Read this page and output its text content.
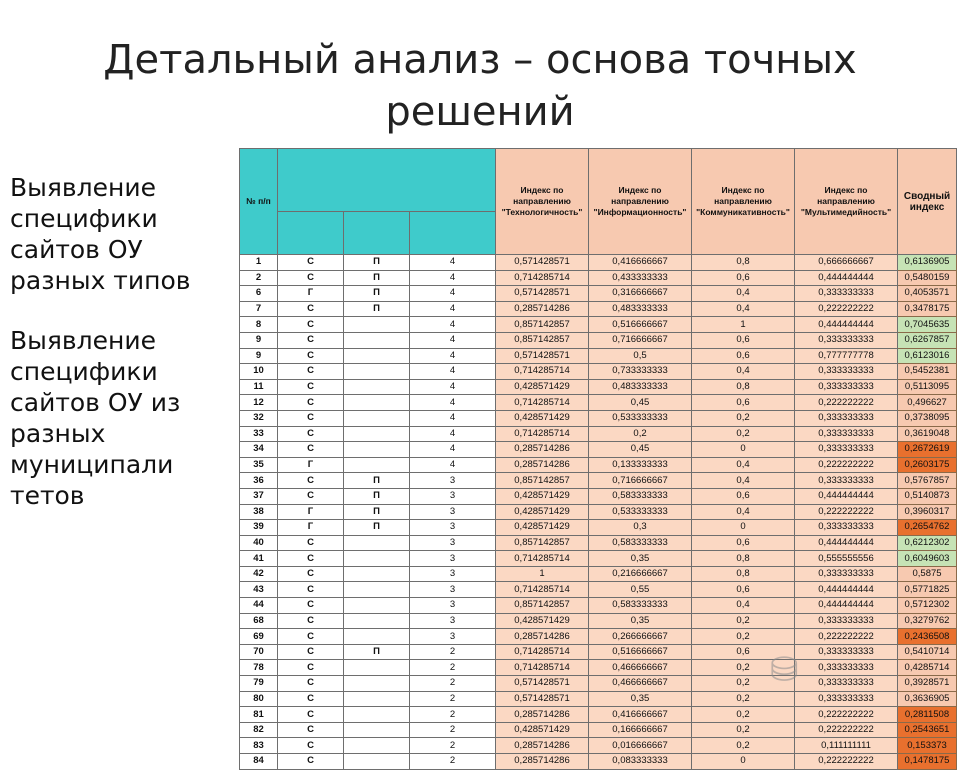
Детальный анализ – основа точных решений

Выявление специфики сайтов ОУ разных типов

Выявление специфики сайтов ОУ из разных муниципали тетов

№ п/п				Индекс по направлению "Технологичность"	Индекс по направлению "Информационность"	Индекс по направлению "Коммуникативность"	Индекс по направлению "Мультимедийность"	Сводный индекс

1	С	П	4	0,571428571	0,416666667	0,8	0,666666667	0,6136905
2	С	П	4	0,714285714	0,433333333	0,6	0,444444444	0,5480159
6	Г	П	4	0,571428571	0,316666667	0,4	0,333333333	0,4053571
7	С	П	4	0,285714286	0,483333333	0,4	0,222222222	0,3478175
8	С		4	0,857142857	0,516666667	1	0,444444444	0,7045635
9	С		4	0,857142857	0,716666667	0,6	0,333333333	0,6267857
9	С		4	0,571428571	0,5	0,6	0,777777778	0,6123016
10	С		4	0,714285714	0,733333333	0,4	0,333333333	0,5452381
11	С		4	0,428571429	0,483333333	0,8	0,333333333	0,5113095
12	С		4	0,714285714	0,45	0,6	0,222222222	0,496627
32	С		4	0,428571429	0,533333333	0,2	0,333333333	0,3738095
33	С		4	0,714285714	0,2	0,2	0,333333333	0,3619048
34	С		4	0,285714286	0,45	0	0,333333333	0,2672619
35	Г		4	0,285714286	0,133333333	0,4	0,222222222	0,2603175
36	С	П	3	0,857142857	0,716666667	0,4	0,333333333	0,5767857
37	С	П	3	0,428571429	0,583333333	0,6	0,444444444	0,5140873
38	Г	П	3	0,428571429	0,533333333	0,4	0,222222222	0,3960317
39	Г	П	3	0,428571429	0,3	0	0,333333333	0,2654762
40	С		3	0,857142857	0,583333333	0,6	0,444444444	0,6212302
41	С		3	0,714285714	0,35	0,8	0,555555556	0,6049603
42	С		3	1	0,216666667	0,8	0,333333333	0,5875
43	С		3	0,714285714	0,55	0,6	0,444444444	0,5771825
44	С		3	0,857142857	0,583333333	0,4	0,444444444	0,5712302
68	С		3	0,428571429	0,35	0,2	0,333333333	0,3279762
69	С		3	0,285714286	0,266666667	0,2	0,222222222	0,2436508
70	С	П	2	0,714285714	0,516666667	0,6	0,333333333	0,5410714
78	С		2	0,714285714	0,466666667	0,2	0,333333333	0,4285714
79	С		2	0,571428571	0,466666667	0,2	0,333333333	0,3928571
80	С		2	0,571428571	0,35	0,2	0,333333333	0,3636905
81	С		2	0,285714286	0,416666667	0,2	0,222222222	0,2811508
82	С		2	0,428571429	0,166666667	0,2	0,222222222	0,2543651
83	С		2	0,285714286	0,016666667	0,2	0,111111111	0,153373
84	С		2	0,285714286	0,083333333	0	0,222222222	0,1478175
⛁
